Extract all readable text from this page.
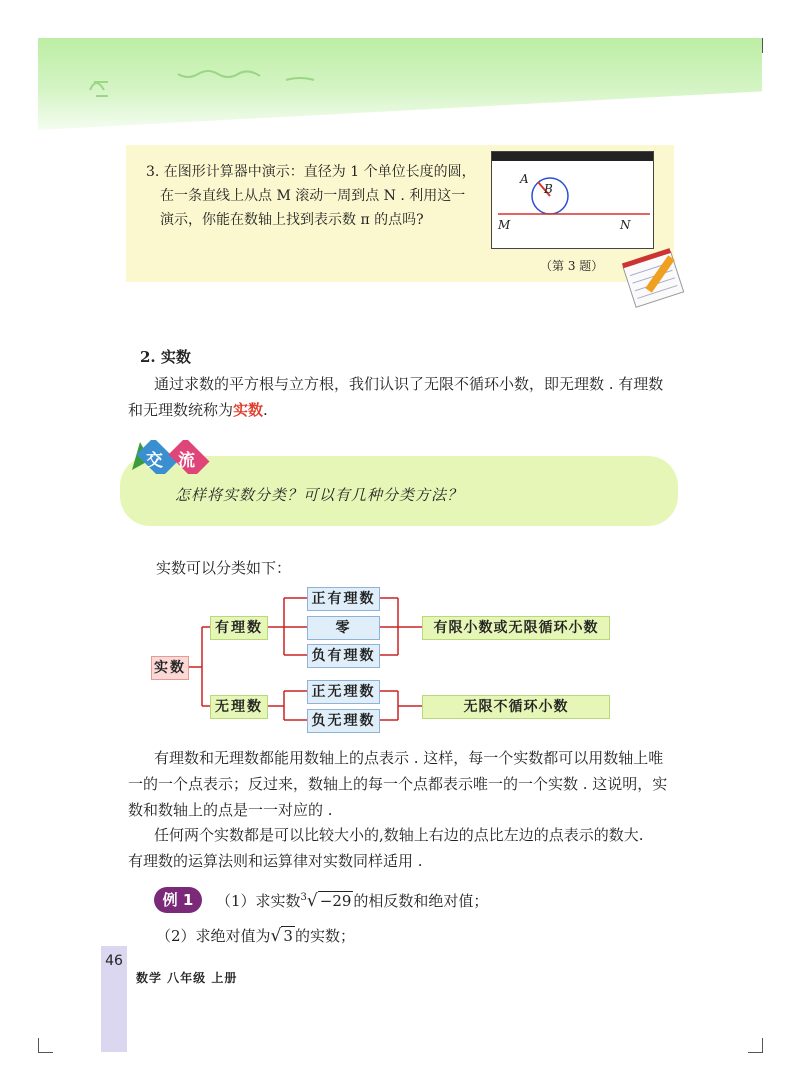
3. 在图形计算器中演示：直径为 1 个单位长度的圆，
在一条直线上从点 M 滚动一周到点 N . 利用这一
演示，你能在数轴上找到表示数 π 的点吗?
A
B
M	N
（第 3 题）
2. 实数
通过求数的平方根与立方根，我们认识了无限不循环小数，即无理数 . 有理数和无理数统称为实数.
交 流
怎样将实数分类？可以有几种分类方法？
实数可以分类如下：
实数
有理数
无理数
正有理数
零
负有理数
正无理数
负无理数
有限小数或无限循环小数
无限不循环小数
有理数和无理数都能用数轴上的点表示 . 这样，每一个实数都可以用数轴上唯一的一个点表示；反过来，数轴上的每一个点都表示唯一的一个实数 . 这说明，实数和数轴上的点是一一对应的 .
任何两个实数都是可以比较大小的,数轴上右边的点比左边的点表示的数大.
有理数的运算法则和运算律对实数同样适用 .
例 1	（1）求实数$^3$√ −29 的相反数和绝对值；
（2）求绝对值为√ 3 的实数；
46
数学 八年级 上册
